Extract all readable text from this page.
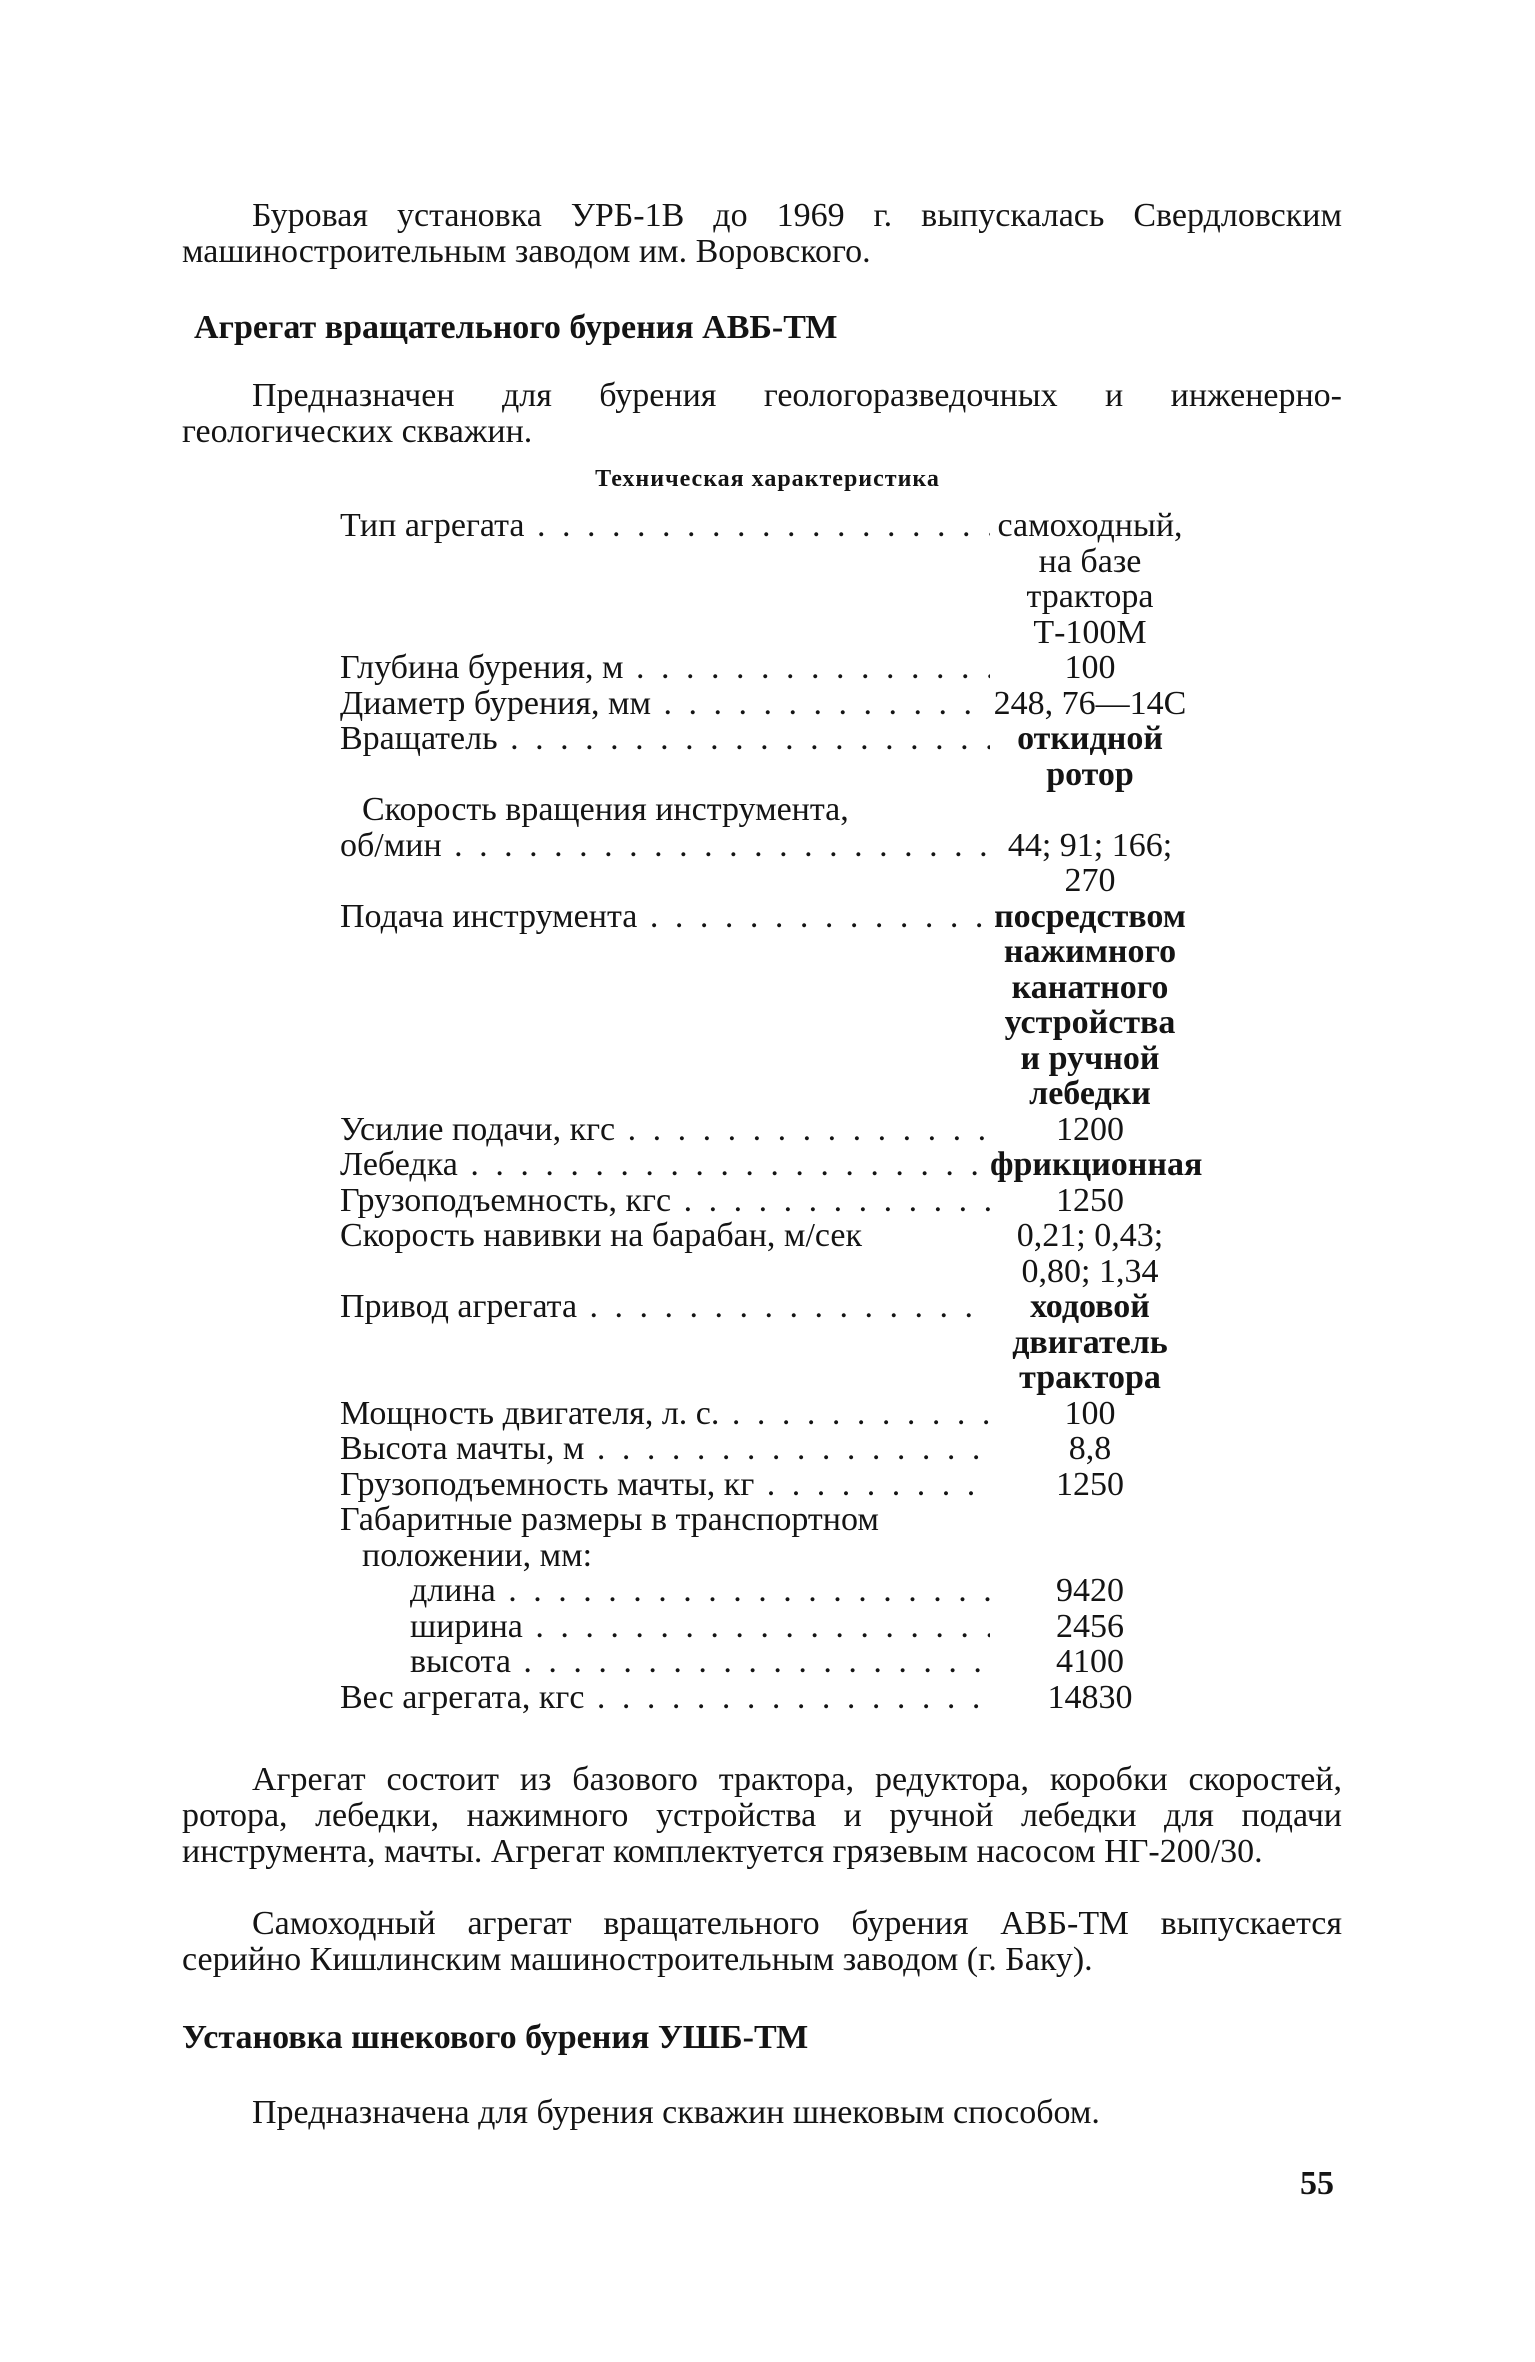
Буровая установка УРБ-1В до 1969 г. выпускалась Свердловским машиностроительным заводом им. Воровского.

Агрегат вращательного бурения АВБ-ТМ

Предназначен для бурения геологоразведочных и инженерно-геологических скважин.

Техническая характеристика
Тип агрегата . . .	самоходный,
на базе
трактора
Т-100М
Глубина бурения, м . . .	100
Диаметр бурения, мм . . .	248, 76—14С
Вращатель . . .	откидной
ротор
Скорость вращения инструмента,
об/мин . . .	44; 91; 166;
270
Подача инструмента . . .	посредством
нажимного
канатного
устройства
и ручной
лебедки
Усилие подачи, кгс . . .	1200
Лебедка . . .	фрикционная
Грузоподъемность, кгс . . .	1250
Скорость навивки на барабан, м/сек	0,21; 0,43;
0,80; 1,34
Привод агрегата . . .	ходовой
двигатель
трактора
Мощность двигателя, л. с. . . .	100
Высота мачты, м . . .	8,8
Грузоподъемность мачты, кг . . .	1250
Габаритные размеры в транспортном
положении, мм:
длина . . .	9420
ширина . . .	2456
высота . . .	4100
Вес агрегата, кгс . . .	14830

Агрегат состоит из базового трактора, редуктора, коробки скоростей, ротора, лебедки, нажимного устройства и ручной лебедки для подачи инструмента, мачты. Агрегат комплектуется грязевым насосом НГ-200/30.

Самоходный агрегат вращательного бурения АВБ-ТМ выпускается серийно Кишлинским машиностроительным заводом (г. Баку).

Установка шнекового бурения УШБ-ТМ

Предназначена для бурения скважин шнековым способом.

55
